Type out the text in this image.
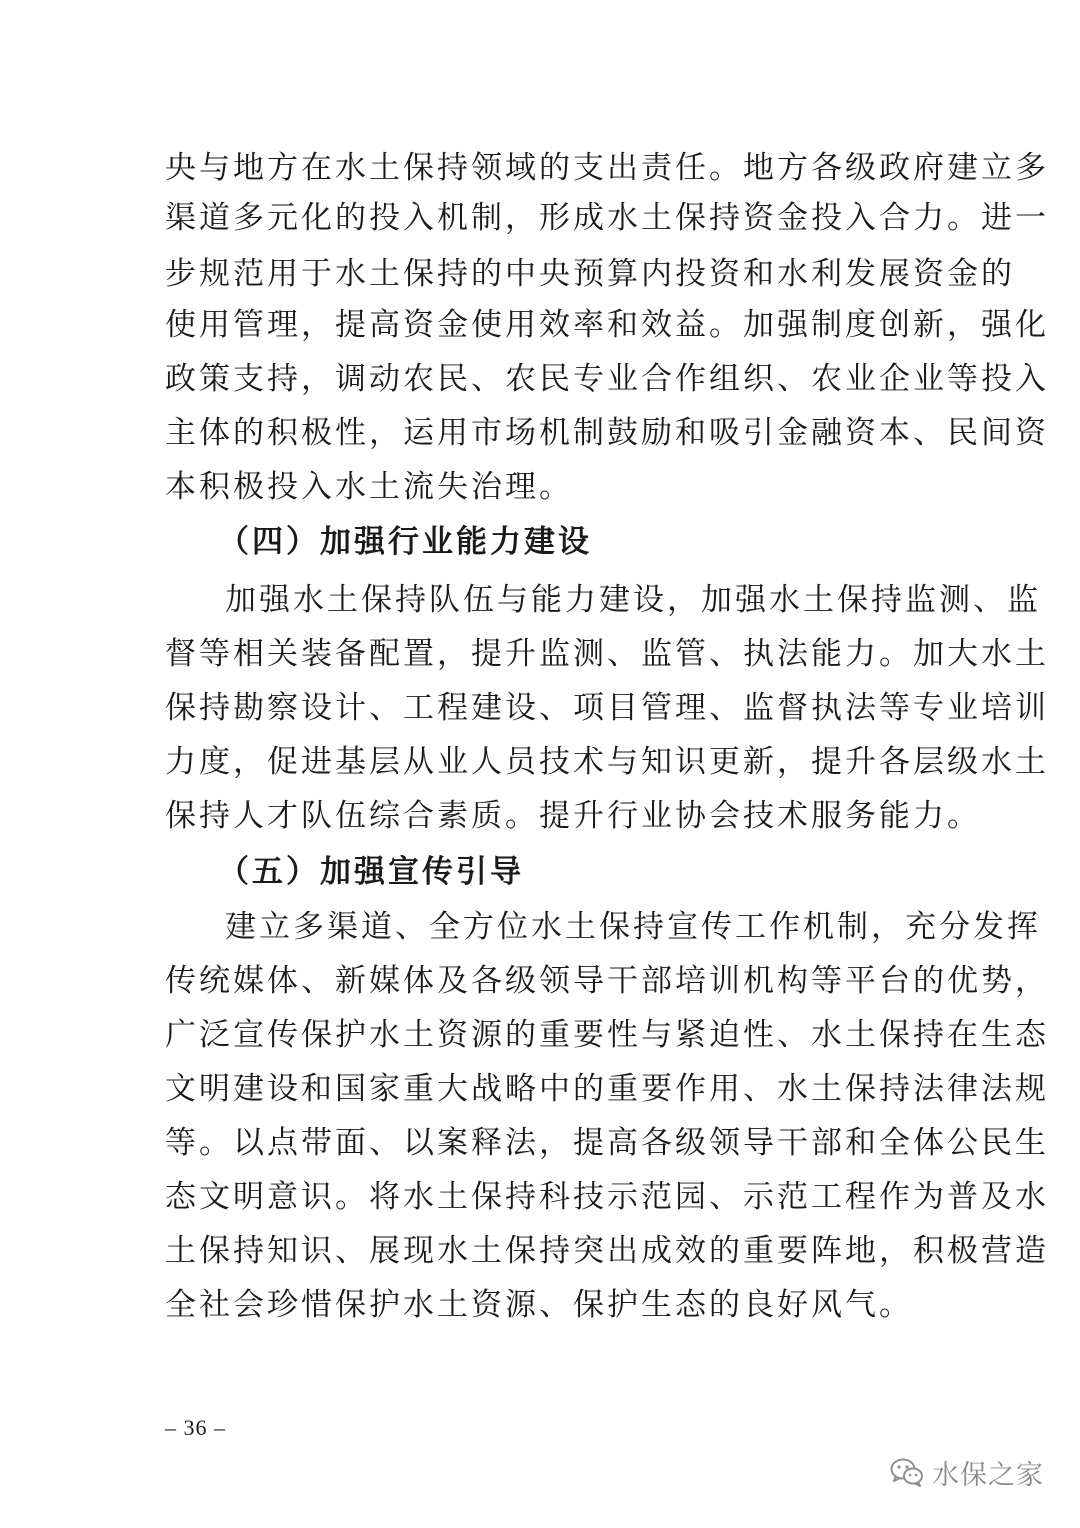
央与地方在水土保持领域的支出责任。地方各级政府建立多
渠道多元化的投入机制，形成水土保持资金投入合力。进一
步规范用于水土保持的中央预算内投资和水利发展资金的
使用管理，提高资金使用效率和效益。加强制度创新，强化
政策支持，调动农民、农民专业合作组织、农业企业等投入
主体的积极性，运用市场机制鼓励和吸引金融资本、民间资
本积极投入水土流失治理。
（四）加强行业能力建设
加强水土保持队伍与能力建设，加强水土保持监测、监
督等相关装备配置，提升监测、监管、执法能力。加大水土
保持勘察设计、工程建设、项目管理、监督执法等专业培训
力度，促进基层从业人员技术与知识更新，提升各层级水土
保持人才队伍综合素质。提升行业协会技术服务能力。
（五）加强宣传引导
建立多渠道、全方位水土保持宣传工作机制，充分发挥
传统媒体、新媒体及各级领导干部培训机构等平台的优势，
广泛宣传保护水土资源的重要性与紧迫性、水土保持在生态
文明建设和国家重大战略中的重要作用、水土保持法律法规
等。以点带面、以案释法，提高各级领导干部和全体公民生
态文明意识。将水土保持科技示范园、示范工程作为普及水
土保持知识、展现水土保持突出成效的重要阵地，积极营造
全社会珍惜保护水土资源、保护生态的良好风气。
– 36 –
水保之家
